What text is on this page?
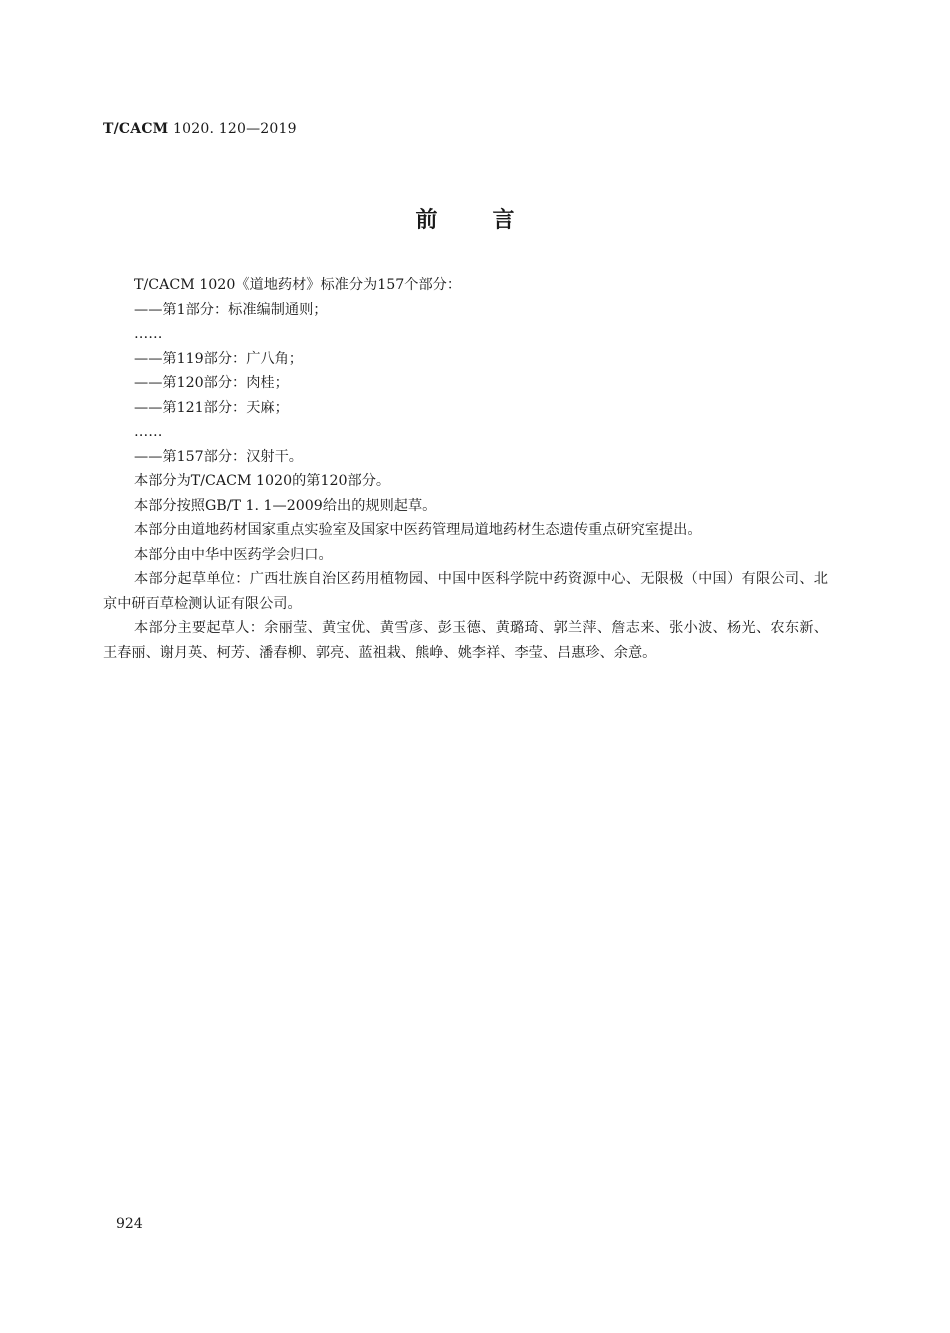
T/CACM 1020. 120—2019
前言

T/CACM 1020《道地药材》标准分为157个部分：

——第1部分：标准编制通则；

……

——第119部分：广八角；

——第120部分：肉桂；

——第121部分：天麻；

……

——第157部分：汉射干。

本部分为T/CACM 1020的第120部分。

本部分按照GB/T 1. 1—2009给出的规则起草。

本部分由道地药材国家重点实验室及国家中医药管理局道地药材生态遗传重点研究室提出。

本部分由中华中医药学会归口。

本部分起草单位：广西壮族自治区药用植物园、中国中医科学院中药资源中心、无限极（中国）有限公司、北京中研百草检测认证有限公司。

本部分主要起草人：余丽莹、黄宝优、黄雪彦、彭玉德、黄璐琦、郭兰萍、詹志来、张小波、杨光、农东新、王春丽、谢月英、柯芳、潘春柳、郭亮、蓝祖栽、熊峥、姚李祥、李莹、吕惠珍、余意。

924
